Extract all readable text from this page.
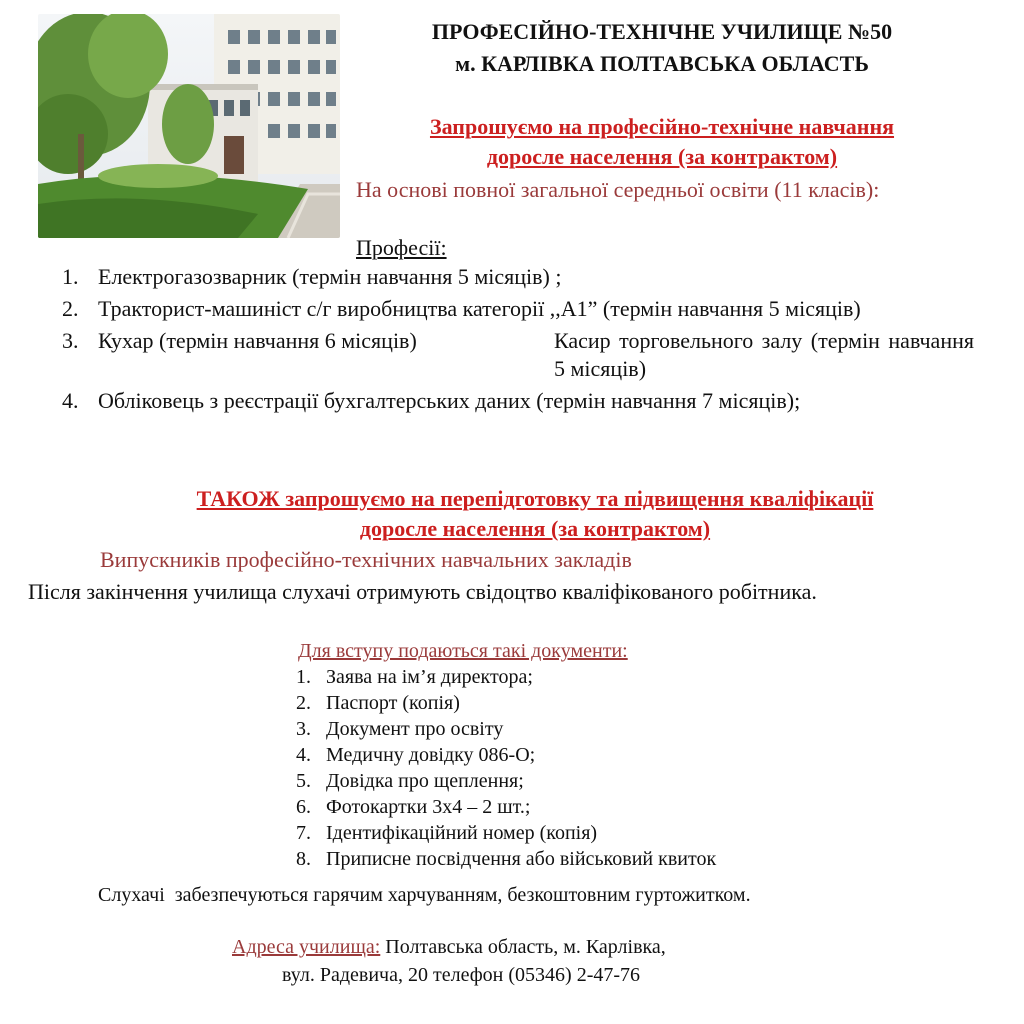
ПРОФЕСІЙНО-ТЕХНІЧНЕ УЧИЛИЩЕ №50
м. КАРЛІВКА ПОЛТАВСЬКА ОБЛАСТЬ
Запрошуємо на професійно-технічне навчання
доросле населення (за контрактом)
На основі повної загальної середньої освіти (11 класів):
Професії:
1. Електрогазозварник (термін навчання 5 місяців) ;
2. Тракторист-машиніст с/г виробництва категорії ,,А1” (термін навчання 5 місяців)
3. Кухар (термін навчання 6 місяців)	Касир торговельного залу (термін навчання 5 місяців)
4. Обліковець з реєстрації бухгалтерських даних (термін навчання 7 місяців);
ТАКОЖ запрошуємо на перепідготовку та підвищення кваліфікації
доросле населення (за контрактом)
Випускників професійно-технічних навчальних закладів
Після закінчення училища слухачі отримують свідоцтво кваліфікованого робітника.
Для вступу подаються такі документи:
1. Заява на ім’я директора;
2. Паспорт (копія)
3. Документ про освіту
4. Медичну довідку 086-О;
5. Довідка про щеплення;
6. Фотокартки 3х4 – 2 шт.;
7. Ідентифікаційний номер (копія)
8. Приписне посвідчення або військовий квиток
Слухачі  забезпечуються гарячим харчуванням, безкоштовним гуртожитком.
Адреса училища: Полтавська область, м. Карлівка,
вул. Радевича, 20 телефон (05346) 2-47-76
